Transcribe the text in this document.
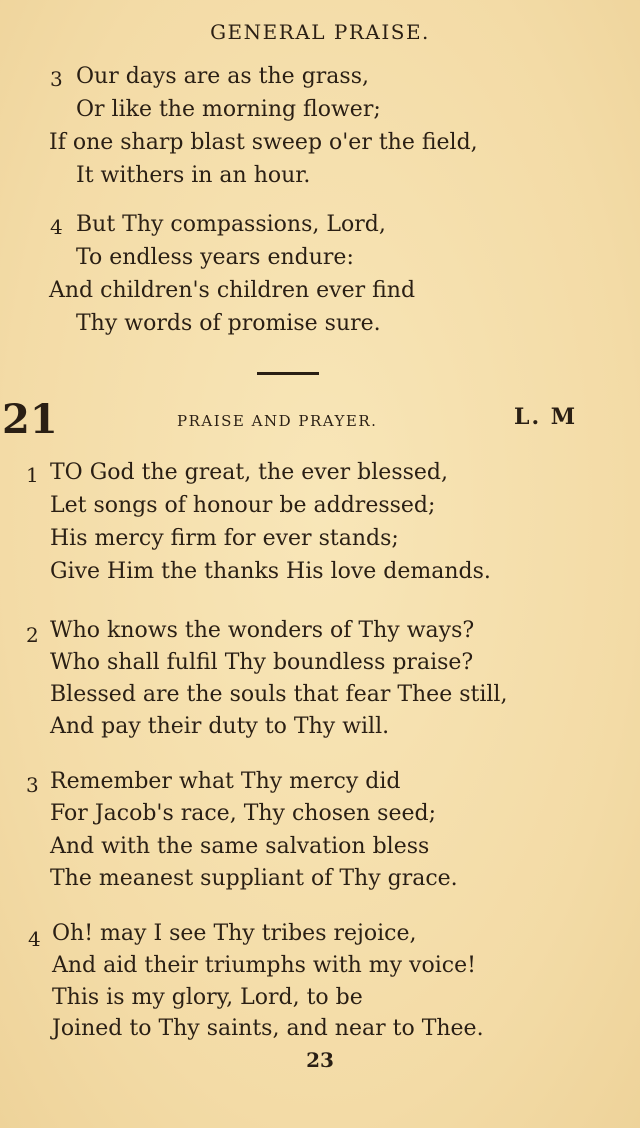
GENERAL PRAISE.
3 Our days are as the grass,
Or like the morning flower;
If one sharp blast sweep o'er the field,
It withers in an hour.
4 But Thy compassions, Lord,
To endless years endure:
And children's children ever find
Thy words of promise sure.
21	PRAISE AND PRAYER.	L. M
1 TO God the great, the ever blessed,
Let songs of honour be addressed;
His mercy firm for ever stands;
Give Him the thanks His love demands.
2 Who knows the wonders of Thy ways?
Who shall fulfil Thy boundless praise?
Blessed are the souls that fear Thee still,
And pay their duty to Thy will.
3 Remember what Thy mercy did
For Jacob's race, Thy chosen seed;
And with the same salvation bless
The meanest suppliant of Thy grace.
4 Oh! may I see Thy tribes rejoice,
And aid their triumphs with my voice!
This is my glory, Lord, to be
Joined to Thy saints, and near to Thee.
23
